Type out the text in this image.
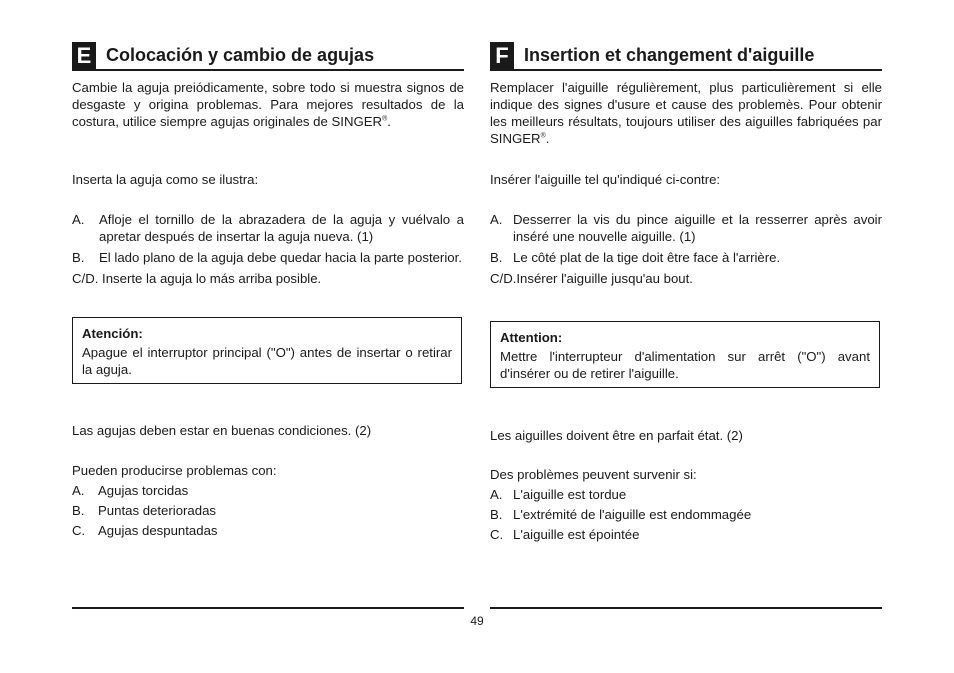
E Colocación y cambio de agujas
Cambie la aguja preiódicamente, sobre todo si muestra signos de desgaste y origina problemas. Para mejores resultados de la costura, utilice siempre agujas originales de SINGER®.
Inserta la aguja como se ilustra:
A.	Afloje el tornillo de la abrazadera de la aguja y vuélvalo a apretar después de insertar la aguja nueva. (1)
B.	El lado plano de la aguja debe quedar hacia la parte posterior.
C/D. Inserte la aguja lo más arriba posible.
Atención:
Apague el interruptor principal ("O") antes de insertar o retirar la aguja.
Las agujas deben estar en buenas condiciones. (2)
Pueden producirse problemas con:
A.	Agujas torcidas
B.	Puntas deterioradas
C. Agujas despuntadas
F Insertion et changement d'aiguille
Remplacer l'aiguille régulièrement, plus particulièrement si elle indique des signes d'usure et cause des problemès. Pour obtenir les meilleurs résultats, toujours utiliser des aiguilles fabriquées par SINGER®.
Insérer l'aiguille tel qu'indiqué ci-contre:
A. Desserrer la vis du pince aiguille et la resserrer après avoir inséré une nouvelle aiguille. (1)
B. Le côté plat de la tige doit être face à l'arrière.
C/D.Insérer l'aiguille jusqu'au bout.
Attention:
Mettre l'interrupteur d'alimentation sur arrêt ("O") avant d'insérer ou de retirer l'aiguille.
Les aiguilles doivent être en parfait état. (2)
Des problèmes peuvent survenir si:
A. L'aiguille est tordue
B. L'extrémité de l'aiguille est endommagée
C. L'aiguille est épointée
49
